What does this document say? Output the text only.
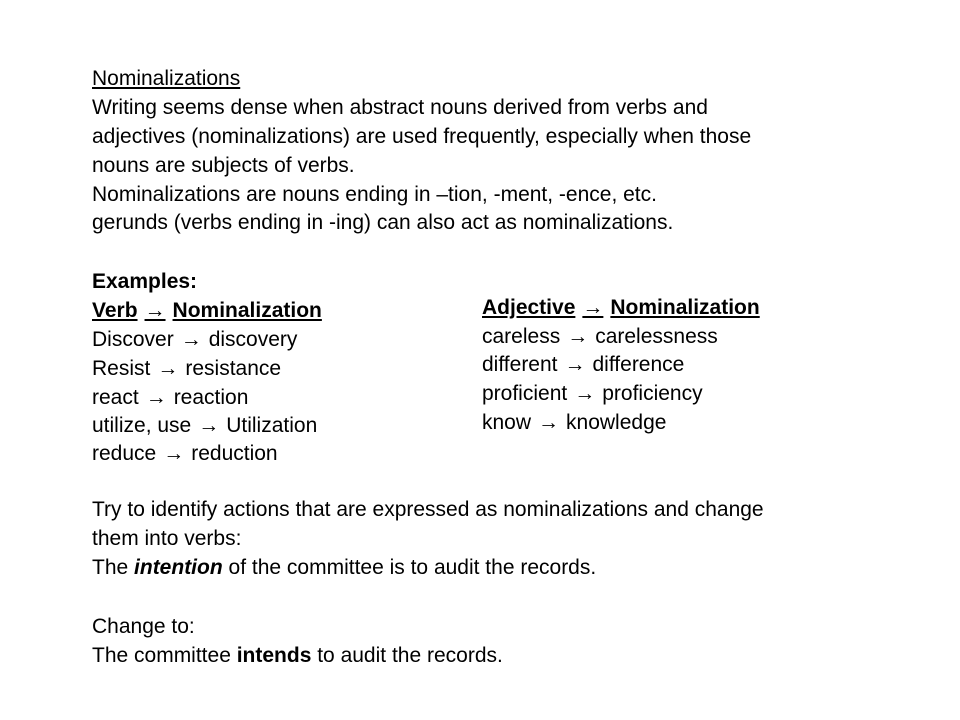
Nominalizations
Writing seems dense when abstract nouns derived from verbs and
adjectives (nominalizations) are used frequently, especially when those
nouns are subjects of verbs.
Nominalizations are nouns ending in –tion, -ment, -ence, etc.
gerunds (verbs ending in -ing) can also act as nominalizations.
Examples:
Verb → Nominalization
Discover → discovery
Resist → resistance
react → reaction
utilize, use → Utilization
reduce → reduction
Adjective → Nominalization
careless → carelessness
different → difference
proficient → proficiency
know → knowledge
Try to identify actions that are expressed as nominalizations and change
them into verbs:
The intention of the committee is to audit the records.
Change to:
The committee intends to audit the records.
